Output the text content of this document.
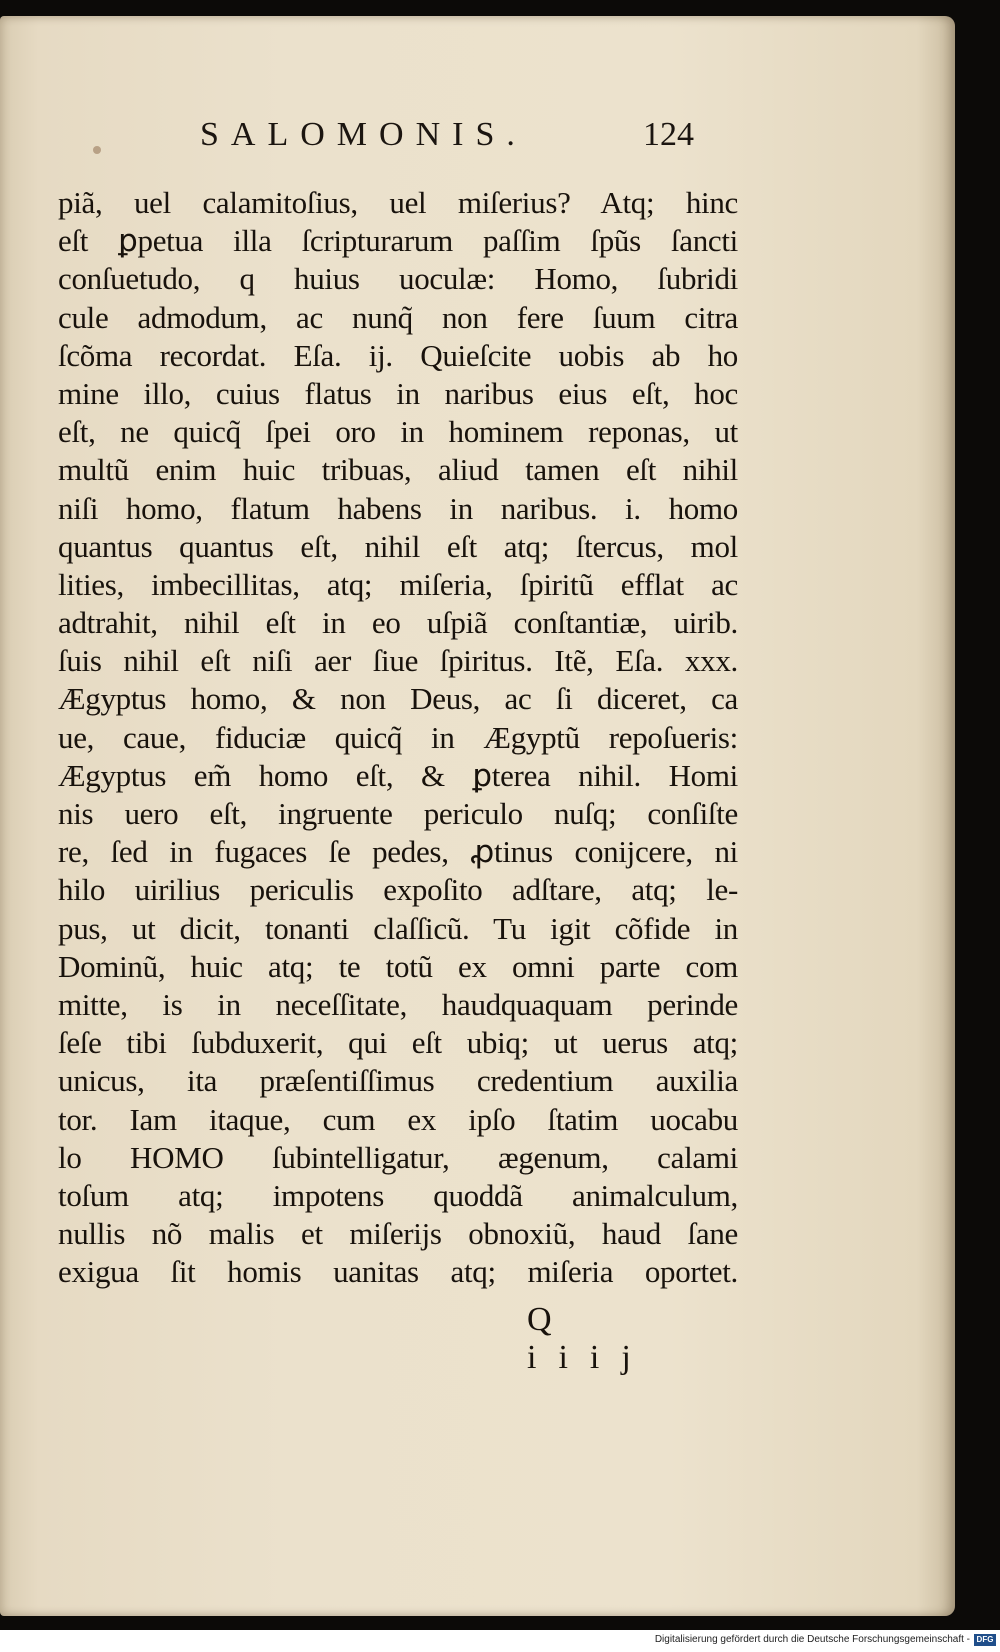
SALOMONIS.	124
piã, uel calamitoſius, uel miſerius? Atq; hinc
eſt ꝑpetua illa ſcripturarum paſſim ſpũs ſancti
conſuetudo, q huius uoculæ: Homo, ſubridi
cule admodum, ac nunq̃ non fere ſuum citra
ſcõma recordat. Eſa. ij. Quieſcite uobis ab ho
mine illo, cuius flatus in naribus eius eſt, hoc
eſt, ne quicq̃ ſpei oro in hominem reponas, ut
multũ enim huic tribuas, aliud tamen eſt nihil
niſi homo, flatum habens in naribus. i. homo
quantus quantus eſt, nihil eſt atq; ſtercus, mol
lities, imbecillitas, atq; miſeria, ſpiritũ efflat ac
adtrahit, nihil eſt in eo uſpiã conſtantiæ, uirib.
ſuis nihil eſt niſi aer ſiue ſpiritus. Itẽ, Eſa. xxx.
Ægyptus homo, & non Deus, ac ſi diceret, ca
ue, caue, fiduciæ quicq̃ in Ægyptũ repoſueris:
Ægyptus em̃ homo eſt, & ꝑterea nihil. Homi
nis uero eſt, ingruente periculo nuſq; conſiſte
re, ſed in fugaces ſe pedes, ꝓtinus conijcere, ni
hilo uirilius periculis expoſito adſtare, atq; le-
pus, ut dicit, tonanti claſſicũ. Tu igit cõfide in
Dominũ, huic atq; te totũ ex omni parte com
mitte, is in neceſſitate, haudquaquam perinde
ſeſe tibi ſubduxerit, qui eſt ubiq; ut uerus atq;
unicus, ita præſentiſſimus credentium auxilia
tor. Iam itaque, cum ex ipſo ſtatim uocabu
lo HOMO ſubintelligatur, ægenum, calami
toſum atq; impotens quoddã animalculum,
nullis nõ malis et miſerijs obnoxiũ, haud ſane
exigua ſit homis uanitas atq; miſeria oportet.
Q iiij
Digitalisierung gefördert durch die Deutsche Forschungsgemeinschaft - DFG
